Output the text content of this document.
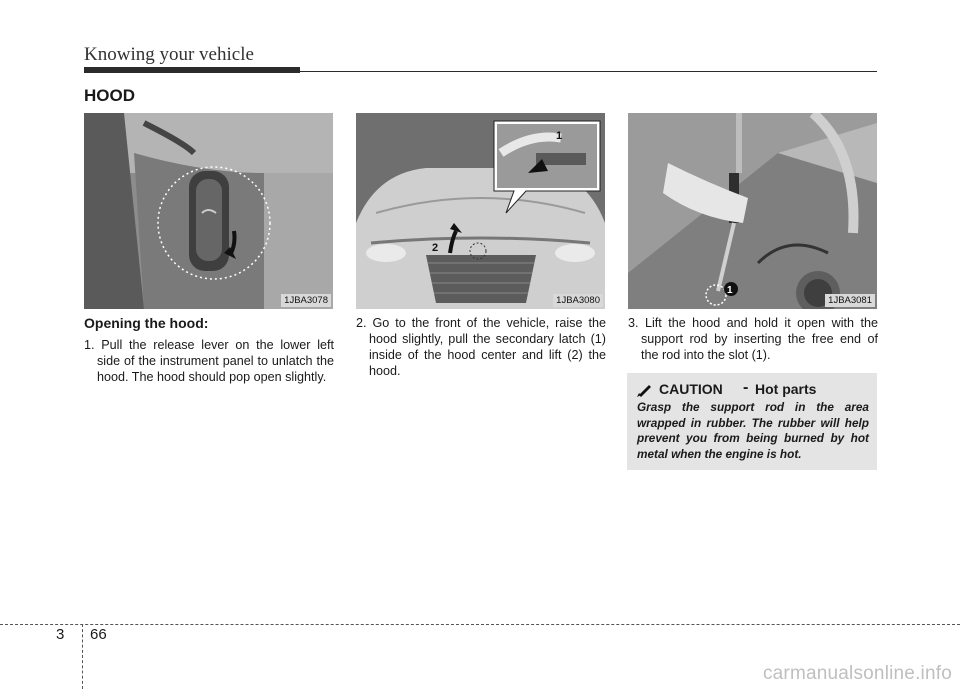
Knowing your vehicle
HOOD
1JBA3078
2
1
1JBA3080
1
1JBA3081

Opening the hood:

1. Pull the release lever on the lower left side of the instrument panel to unlatch the hood. The hood should pop open slightly.

2. Go to the front of the vehicle, raise the hood slightly, pull the secondary latch (1) inside of the hood center and lift (2) the hood.

3. Lift the hood and hold it open with the support rod by inserting the free end of the rod into the slot (1).

CAUTION - Hot parts
Grasp the support rod in the area wrapped in rubber. The rubber will help prevent you from being burned by hot metal when the engine is hot.
3 66
carmanualsonline.info
